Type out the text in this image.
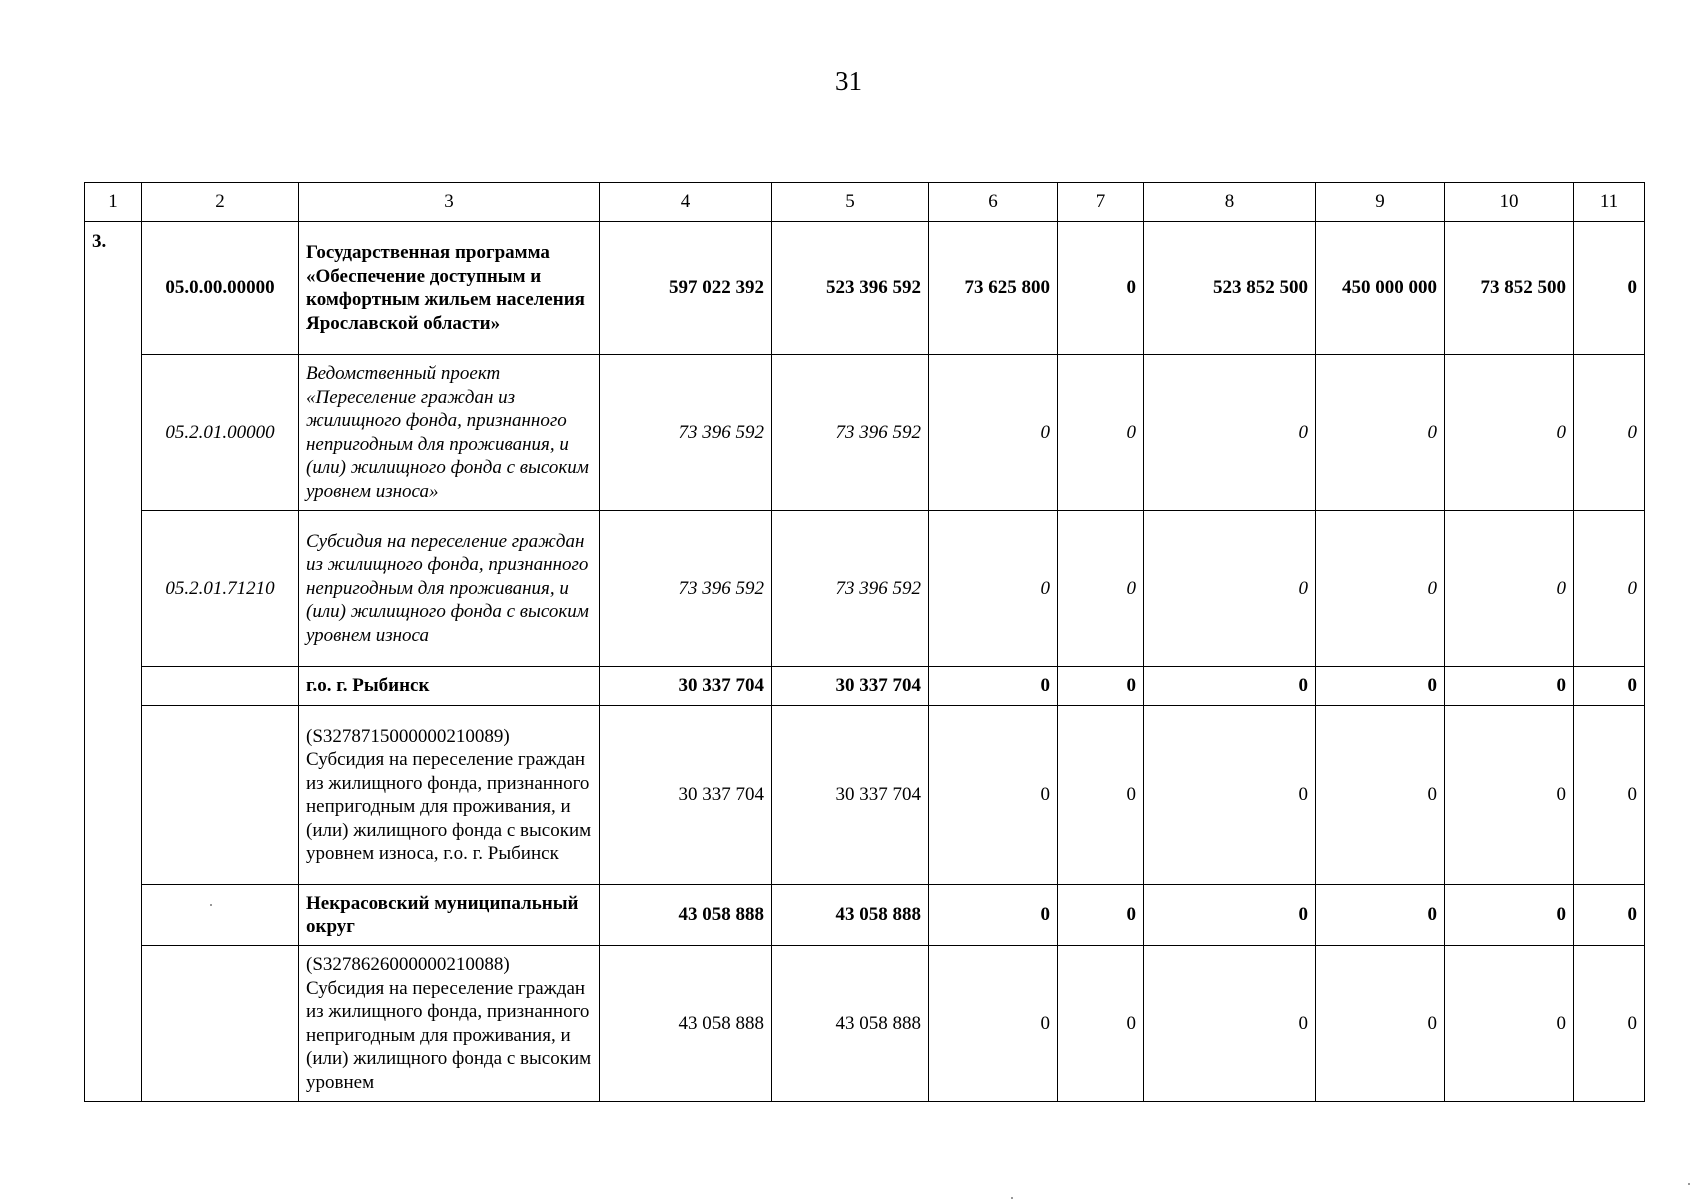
31
1	2	3	4	5	6	7	8	9	10	11
3.	05.0.00.00000	Государственная программа «Обеспечение доступным и комфортным жильем населения Ярославской области»	597 022 392	523 396 592	73 625 800	0	523 852 500	450 000 000	73 852 500	0
	05.2.01.00000	Ведомственный проект «Переселение граждан из жилищного фонда, признанного непригодным для проживания, и (или) жилищного фонда с высоким уровнем износа»	73 396 592	73 396 592	0	0	0	0	0	0
	05.2.01.71210	Субсидия на переселение граждан из жилищного фонда, признанного непригодным для проживания, и (или) жилищного фонда с высоким уровнем износа	73 396 592	73 396 592	0	0	0	0	0	0
		г.о. г. Рыбинск	30 337 704	30 337 704	0	0	0	0	0	0
		(S3278715000000210089) Субсидия на переселение граждан из жилищного фонда, признанного непригодным для проживания, и (или) жилищного фонда с высоким уровнем износа, г.о. г. Рыбинск	30 337 704	30 337 704	0	0	0	0	0	0
		Некрасовский муниципальный округ	43 058 888	43 058 888	0	0	0	0	0	0
		(S3278626000000210088) Субсидия на переселение граждан из жилищного фонда, признанного непригодным для проживания, и (или) жилищного фонда с высоким уровнем	43 058 888	43 058 888	0	0	0	0	0	0
